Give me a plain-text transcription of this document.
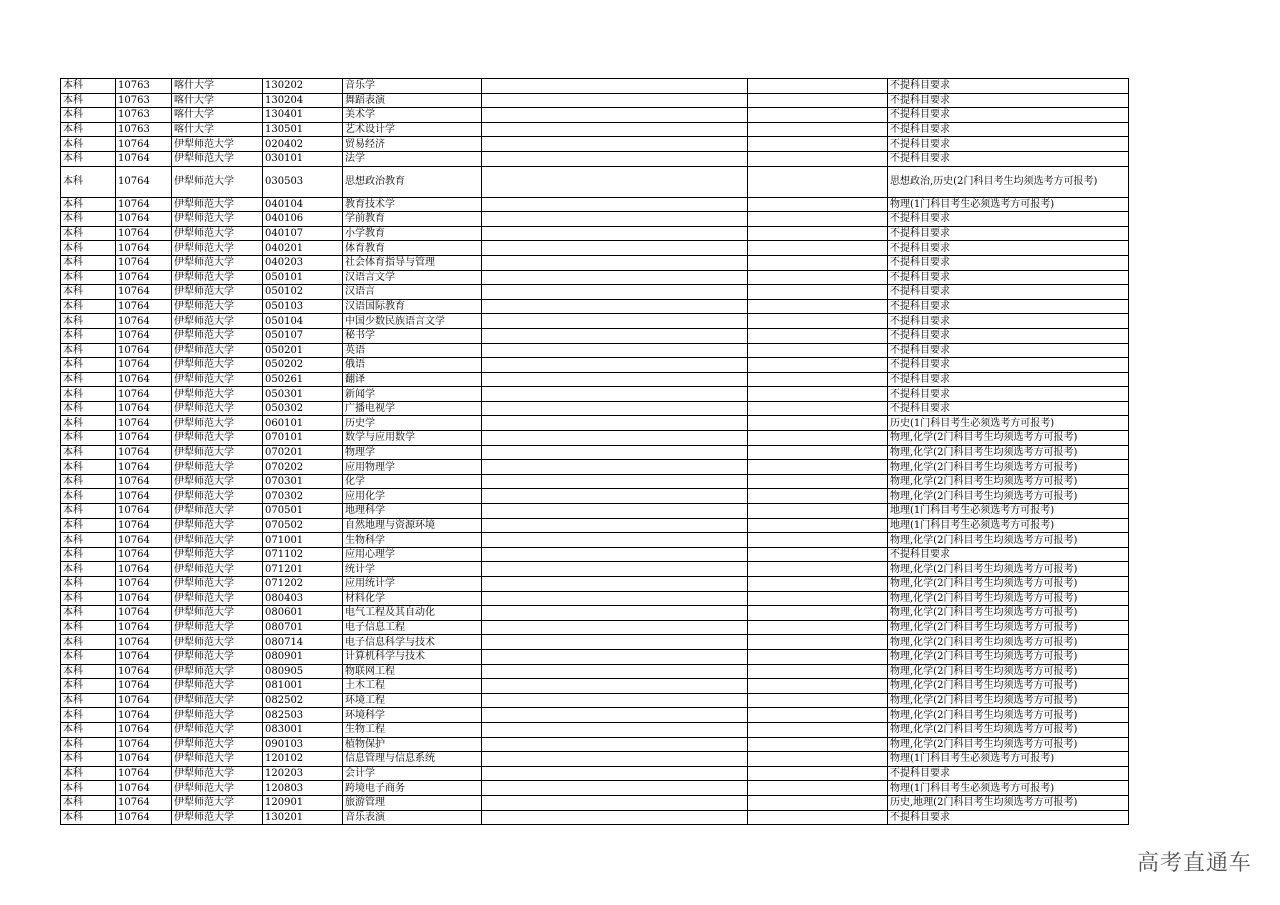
本科	10763	喀什大学	130202	音乐学			不提科目要求
本科	10763	喀什大学	130204	舞蹈表演			不提科目要求
本科	10763	喀什大学	130401	美术学			不提科目要求
本科	10763	喀什大学	130501	艺术设计学			不提科目要求
本科	10764	伊犁师范大学	020402	贸易经济			不提科目要求
本科	10764	伊犁师范大学	030101	法学			不提科目要求
本科	10764	伊犁师范大学	030503	思想政治教育			思想政治,历史(2门科目考生均须选考方可报考)
本科	10764	伊犁师范大学	040104	教育技术学			物理(1门科目考生必须选考方可报考)
本科	10764	伊犁师范大学	040106	学前教育			不提科目要求
本科	10764	伊犁师范大学	040107	小学教育			不提科目要求
本科	10764	伊犁师范大学	040201	体育教育			不提科目要求
本科	10764	伊犁师范大学	040203	社会体育指导与管理			不提科目要求
本科	10764	伊犁师范大学	050101	汉语言文学			不提科目要求
本科	10764	伊犁师范大学	050102	汉语言			不提科目要求
本科	10764	伊犁师范大学	050103	汉语国际教育			不提科目要求
本科	10764	伊犁师范大学	050104	中国少数民族语言文学			不提科目要求
本科	10764	伊犁师范大学	050107	秘书学			不提科目要求
本科	10764	伊犁师范大学	050201	英语			不提科目要求
本科	10764	伊犁师范大学	050202	俄语			不提科目要求
本科	10764	伊犁师范大学	050261	翻译			不提科目要求
本科	10764	伊犁师范大学	050301	新闻学			不提科目要求
本科	10764	伊犁师范大学	050302	广播电视学			不提科目要求
本科	10764	伊犁师范大学	060101	历史学			历史(1门科目考生必须选考方可报考)
本科	10764	伊犁师范大学	070101	数学与应用数学			物理,化学(2门科目考生均须选考方可报考)
本科	10764	伊犁师范大学	070201	物理学			物理,化学(2门科目考生均须选考方可报考)
本科	10764	伊犁师范大学	070202	应用物理学			物理,化学(2门科目考生均须选考方可报考)
本科	10764	伊犁师范大学	070301	化学			物理,化学(2门科目考生均须选考方可报考)
本科	10764	伊犁师范大学	070302	应用化学			物理,化学(2门科目考生均须选考方可报考)
本科	10764	伊犁师范大学	070501	地理科学			地理(1门科目考生必须选考方可报考)
本科	10764	伊犁师范大学	070502	自然地理与资源环境			地理(1门科目考生必须选考方可报考)
本科	10764	伊犁师范大学	071001	生物科学			物理,化学(2门科目考生均须选考方可报考)
本科	10764	伊犁师范大学	071102	应用心理学			不提科目要求
本科	10764	伊犁师范大学	071201	统计学			物理,化学(2门科目考生均须选考方可报考)
本科	10764	伊犁师范大学	071202	应用统计学			物理,化学(2门科目考生均须选考方可报考)
本科	10764	伊犁师范大学	080403	材料化学			物理,化学(2门科目考生均须选考方可报考)
本科	10764	伊犁师范大学	080601	电气工程及其自动化			物理,化学(2门科目考生均须选考方可报考)
本科	10764	伊犁师范大学	080701	电子信息工程			物理,化学(2门科目考生均须选考方可报考)
本科	10764	伊犁师范大学	080714	电子信息科学与技术			物理,化学(2门科目考生均须选考方可报考)
本科	10764	伊犁师范大学	080901	计算机科学与技术			物理,化学(2门科目考生均须选考方可报考)
本科	10764	伊犁师范大学	080905	物联网工程			物理,化学(2门科目考生均须选考方可报考)
本科	10764	伊犁师范大学	081001	土木工程			物理,化学(2门科目考生均须选考方可报考)
本科	10764	伊犁师范大学	082502	环境工程			物理,化学(2门科目考生均须选考方可报考)
本科	10764	伊犁师范大学	082503	环境科学			物理,化学(2门科目考生均须选考方可报考)
本科	10764	伊犁师范大学	083001	生物工程			物理,化学(2门科目考生均须选考方可报考)
本科	10764	伊犁师范大学	090103	植物保护			物理,化学(2门科目考生均须选考方可报考)
本科	10764	伊犁师范大学	120102	信息管理与信息系统			物理(1门科目考生必须选考方可报考)
本科	10764	伊犁师范大学	120203	会计学			不提科目要求
本科	10764	伊犁师范大学	120803	跨境电子商务			物理(1门科目考生必须选考方可报考)
本科	10764	伊犁师范大学	120901	旅游管理			历史,地理(2门科目考生均须选考方可报考)
本科	10764	伊犁师范大学	130201	音乐表演			不提科目要求
高考直通车
